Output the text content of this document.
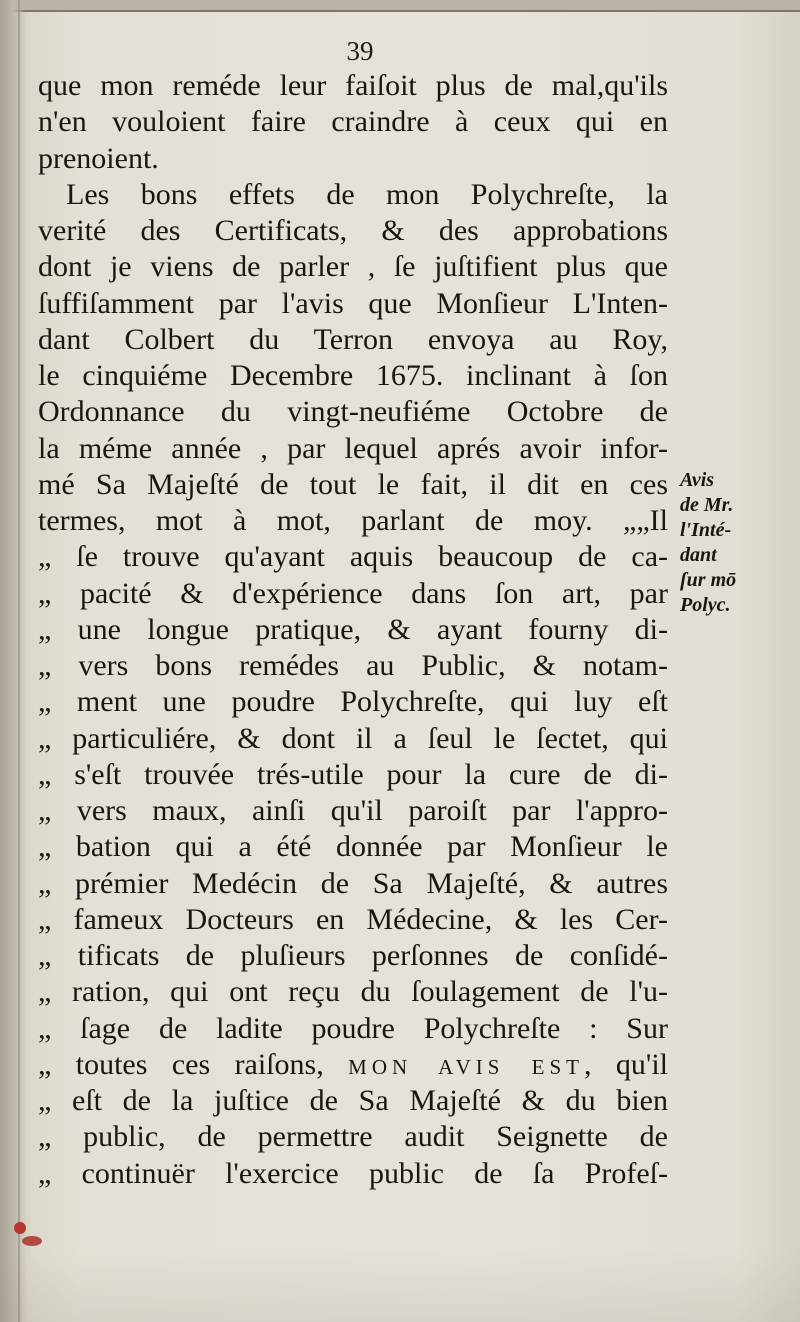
39
que mon reméde leur faiſoit plus de mal,qu'ils
n'en vouloient faire craindre à ceux qui en
prenoient.
Les bons effets de mon Polychreſte, la
verité des Certificats, & des approbations
dont je viens de parler , ſe juſtifient plus que
ſuffiſamment par l'avis que Monſieur L'Inten-
dant Colbert du Terron envoya au Roy,
le cinquiéme Decembre 1675. inclinant à ſon
Ordonnance du vingt-neufiéme Octobre de
la méme année , par lequel aprés avoir infor-
mé Sa Majeſté de tout le fait, il dit en ces
termes, mot à mot, parlant de moy. „„Il
„ ſe trouve qu'ayant aquis beaucoup de ca-
„ pacité & d'expérience dans ſon art, par
„ une longue pratique, & ayant fourny di-
„ vers bons remédes au Public, & notam-
„ ment une poudre Polychreſte, qui luy eſt
„ particuliére, & dont il a ſeul le ſectet, qui
„ s'eſt trouvée trés-utile pour la cure de di-
„ vers maux, ainſi qu'il paroiſt par l'appro-
„ bation qui a été donnée par Monſieur le
„ prémier Medécin de Sa Majeſté, & autres
„ fameux Docteurs en Médecine, & les Cer-
„ tificats de pluſieurs perſonnes de conſidé-
„ ration, qui ont reçu du ſoulagement de l'u-
„ ſage de ladite poudre Polychreſte : Sur
„ toutes ces raiſons, MON AVIS EST, qu'il
„ eſt de la juſtice de Sa Majeſté & du bien
„ public, de permettre audit Seignette de
„ continuër l'exercice public de ſa Profeſ-
Avis
de Mr.
l'Inté-
dant
ſur mō
Polyc.
